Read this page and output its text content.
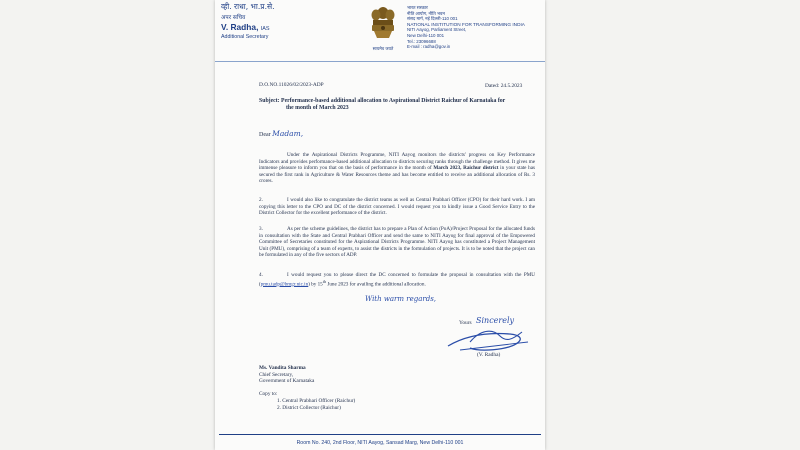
व्ही. राधा, भा.प्र.से.
अपर सचिव
V. Radha, IAS
Additional Secretary
सत्यमेव जयते
भारत सरकार
नीति आयोग, नीति भवन
संसद मार्ग, नई दिल्ली-110 001
NATIONAL INSTITUTION FOR TRANSFORMING INDIA
NITI Aayog, Parliament Street,
New Delhi-110 001
Tel.: 23096688
E-mail : radha@gov.in
D.O.NO.11026/02/2023-ADP	Dated: 24.5.2023
Subject: Performance-based additional allocation to Aspirational District Raichur of Karnataka for
the month of March 2023
Dear Madam,
Under the Aspirational Districts Programme, NITI Aayog monitors the districts' progress on Key Performance Indicators and provides performance-based additional allocation to districts securing ranks through the challenge method. It gives me immense pleasure to inform you that on the basis of performance in the month of March 2023, Raichur district in your state has secured the first rank in Agriculture & Water Resources theme and has become entitled to receive an additional allocation of Rs. 3 crores.
2.	I would also like to congratulate the district teams as well as Central Prabhari Officer (CPO) for their hard work. I am copying this letter to the CPO and DC of the district concerned. I would request you to kindly issue a Good Service Entry to the District Collector for the excellent performance of the district.
3.	As per the scheme guidelines, the district has to prepare a Plan of Action (PoA)/Project Proposal for the allocated funds in consultation with the State and Central Prabhari Officer and send the same to NITI Aayog for final approval of the Empowered Committee of Secretaries constituted for the Aspirational Districts Programme. NITI Aayog has constituted a Project Management Unit (PMU), comprising of a team of experts, to assist the districts in the formulation of projects. It is to be noted that the project can be formulated in any of the five sectors of ADP.
4.	I would request you to please direct the DC concerned to formulate the proposal in consultation with the PMU (pmu.tadp@bmgr.nic.in) by 15th June 2023 for availing the additional allocation.
With warm regards,
Yours Sincerely
(V. Radha)
Ms. Vandita Sharma
Chief Secretary,
Government of Karnataka
Copy to:
1. Central Prabhari Officer (Raichur)
2. District Collector (Raichur)
Room No. 240, 2nd Floor, NITI Aayog, Sansad Marg, New Delhi-110 001
